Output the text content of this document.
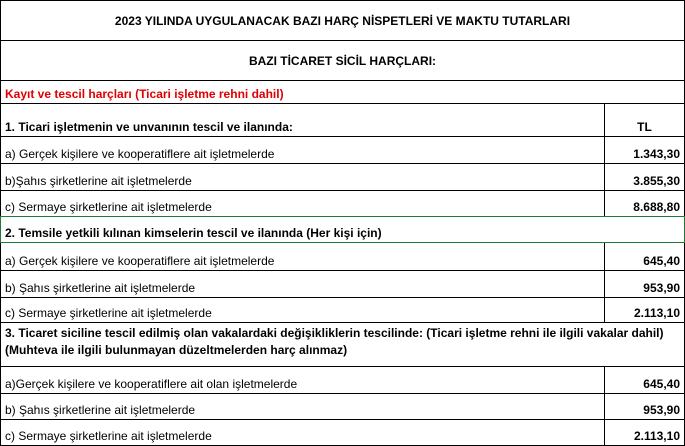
2023 YILINDA UYGULANACAK BAZI HARÇ NİSPETLERİ VE MAKTU TUTARLARI
BAZI TİCARET SİCİL HARÇLARI:
Kayıt ve tescil harçları (Ticari işletme rehni dahil)
1. Ticari işletmenin ve unvanının tescil ve ilanında:	TL
a) Gerçek kişilere ve kooperatiflere ait işletmelerde	1.343,30
b)Şahıs şirketlerine ait işletmelerde	3.855,30
c) Sermaye şirketlerine ait işletmelerde	8.688,80
2. Temsile yetkili kılınan kimselerin tescil ve ilanında (Her kişi için)
a) Gerçek kişilere ve kooperatiflere ait işletmelerde	645,40
b) Şahıs şirketlerine ait işletmelerde	953,90
c) Sermaye şirketlerine ait işletmelerde	2.113,10
3. Ticaret siciline tescil edilmiş olan vakalardaki değişikliklerin tescilinde: (Ticari işletme rehni ile ilgili vakalar dahil) (Muhteva ile ilgili bulunmayan düzeltmelerden harç alınmaz)
a)Gerçek kişilere ve kooperatiflere ait olan işletmelerde	645,40
b) Şahıs şirketlerine ait işletmelerde	953,90
c) Sermaye şirketlerine ait işletmelerde	2.113,10
